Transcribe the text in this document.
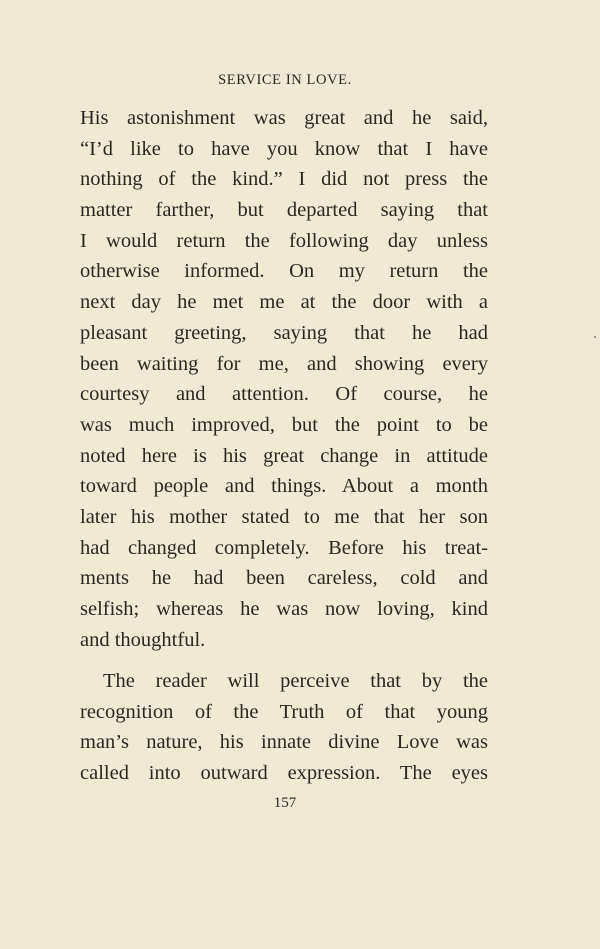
SERVICE IN LOVE.
His astonishment was great and he said,
“I’d like to have you know that I have
nothing of the kind.” I did not press the
matter farther, but departed saying that
I would return the following day unless
otherwise informed. On my return the
next day he met me at the door with a
pleasant greeting, saying that he had
been waiting for me, and showing every
courtesy and attention. Of course, he
was much improved, but the point to be
noted here is his great change in attitude
toward people and things. About a month
later his mother stated to me that her son
had changed completely. Before his treat-
ments he had been careless, cold and
selfish; whereas he was now loving, kind
and thoughtful.
The reader will perceive that by the
recognition of the Truth of that young
man’s nature, his innate divine Love was
called into outward expression. The eyes
157
